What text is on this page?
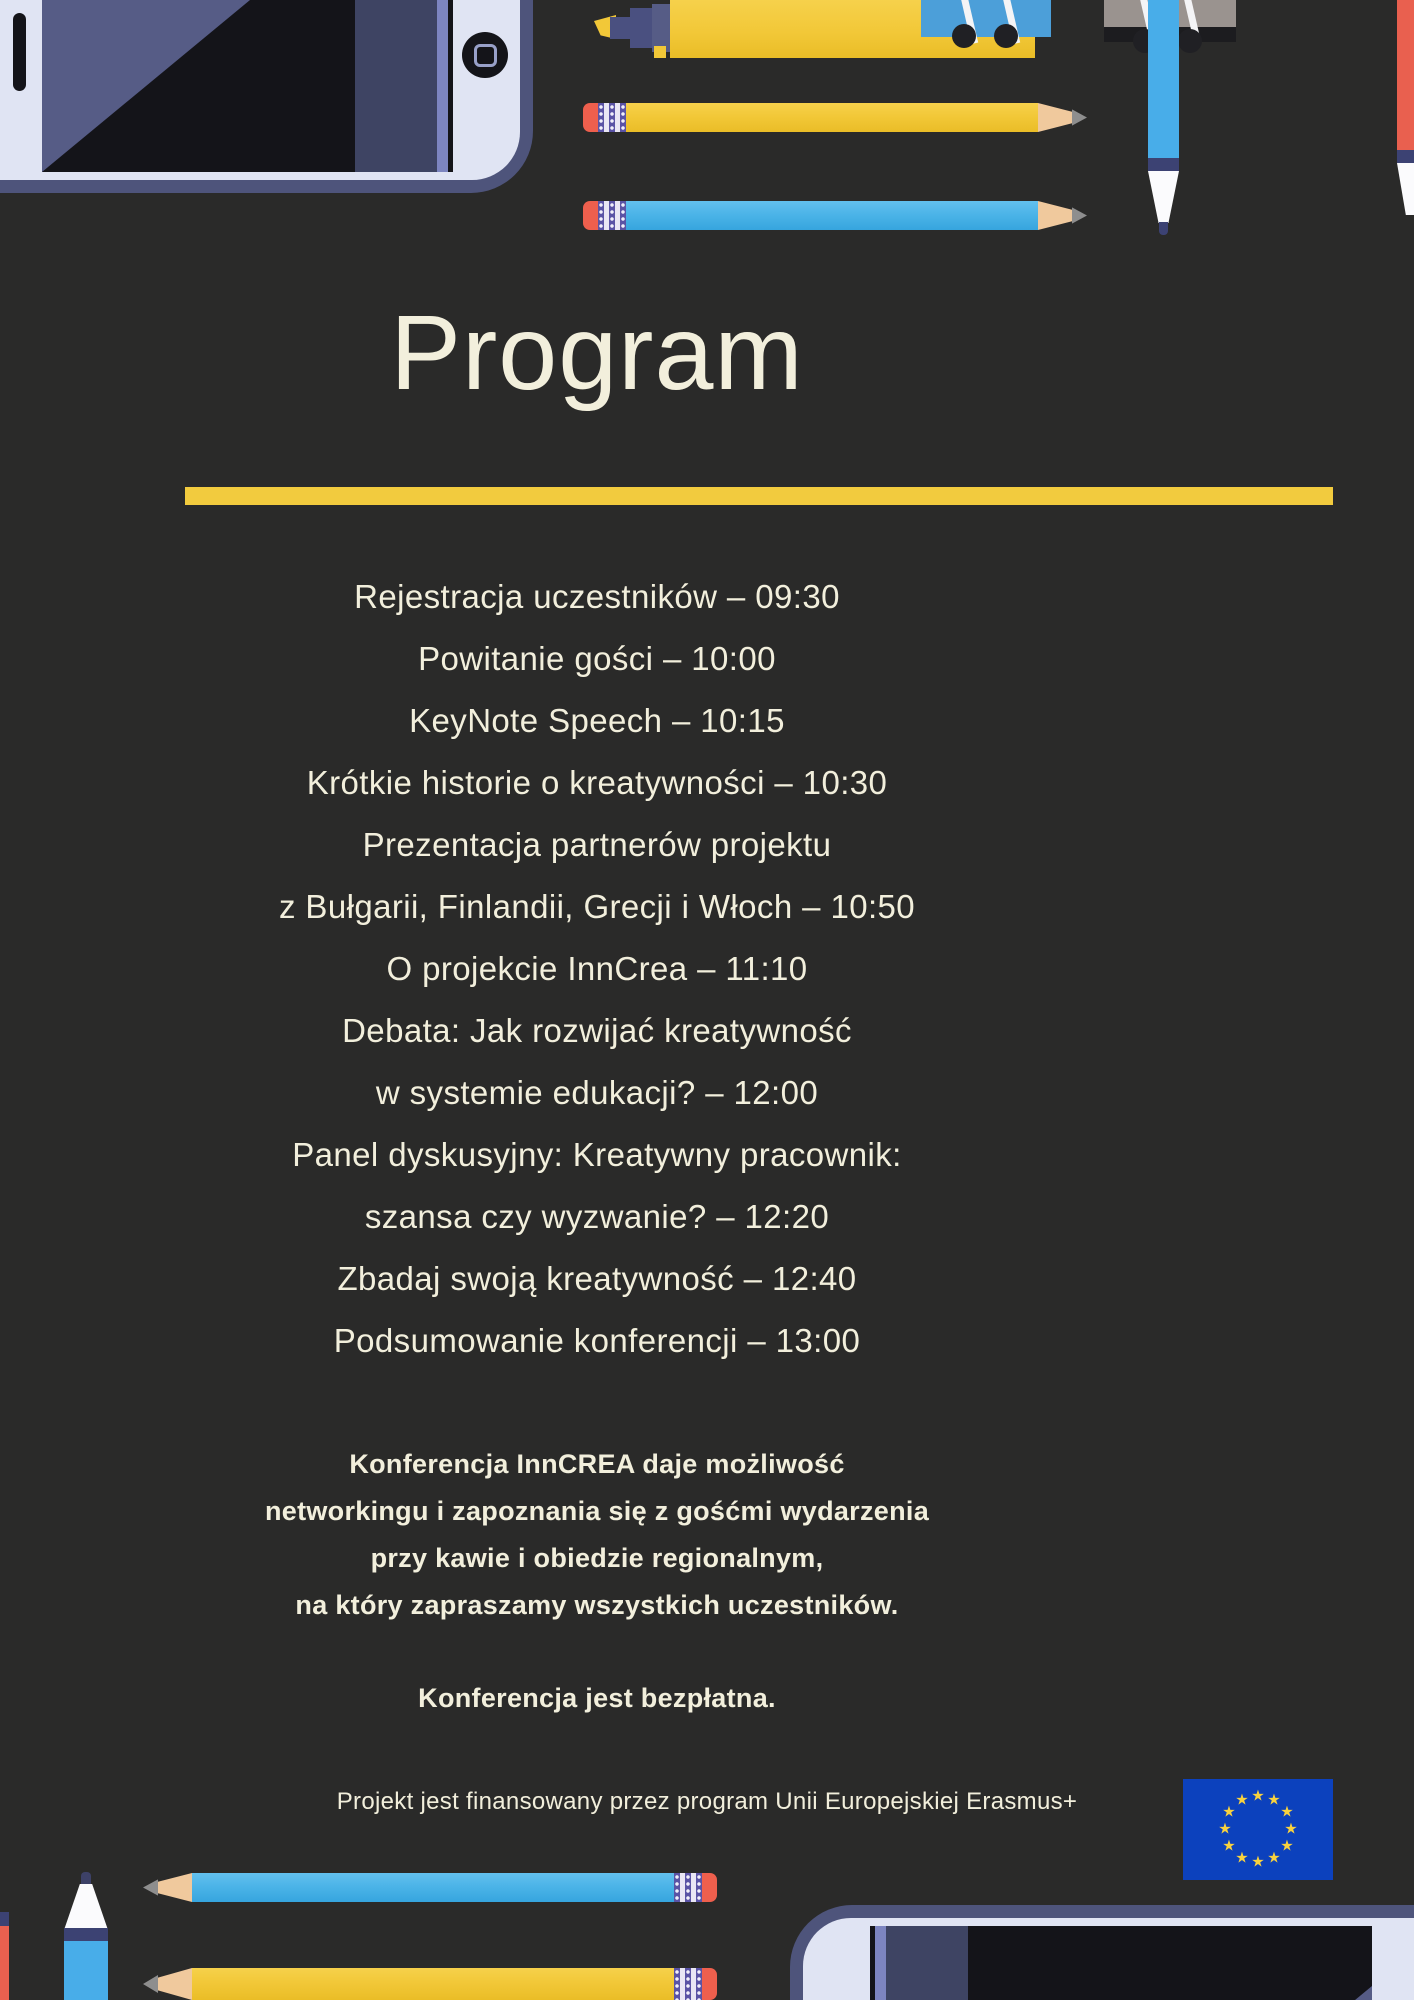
Program
Rejestracja uczestników – 09:30
Powitanie gości – 10:00
KeyNote Speech – 10:15
Krótkie historie o kreatywności – 10:30
Prezentacja partnerów projektu
z Bułgarii, Finlandii, Grecji i Włoch – 10:50
O projekcie InnCrea – 11:10
Debata: Jak rozwijać kreatywność
w systemie edukacji? – 12:00
Panel dyskusyjny: Kreatywny pracownik:
szansa czy wyzwanie? – 12:20
Zbadaj swoją kreatywność – 12:40
Podsumowanie konferencji – 13:00
Konferencja InnCREA daje możliwość
networkingu i zapoznania się z gośćmi wydarzenia
przy kawie i obiedzie regionalnym,
na który zapraszamy wszystkich uczestników.
Konferencja jest bezpłatna.
Projekt jest finansowany przez program Unii Europejskiej Erasmus+	★ ★
★
★
★
★
★
★
★
★
★
★
